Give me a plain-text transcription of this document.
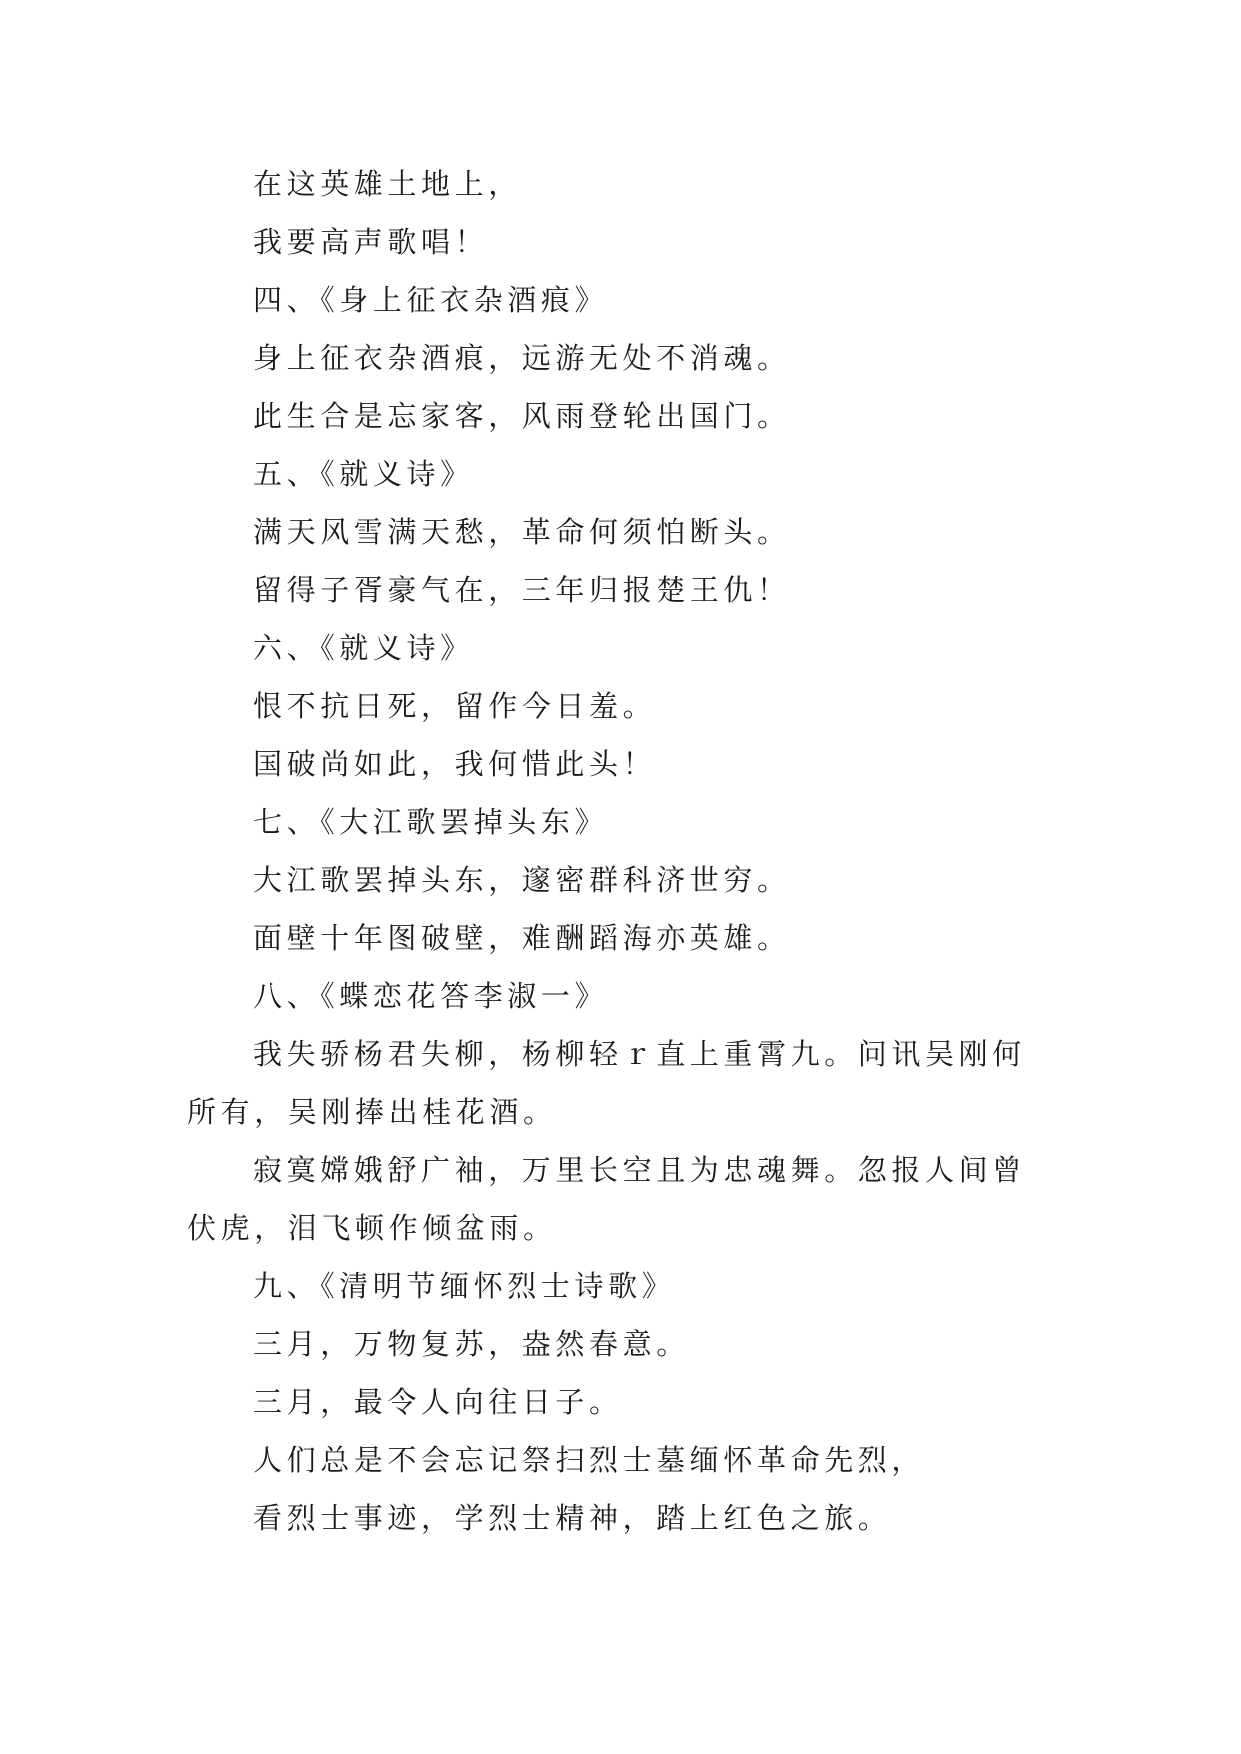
在这英雄土地上，

我要高声歌唱！

四、《身上征衣杂酒痕》

身上征衣杂酒痕，远游无处不消魂。

此生合是忘家客，风雨登轮出国门。

五、《就义诗》

满天风雪满天愁，革命何须怕断头。

留得子胥豪气在，三年归报楚王仇！

六、《就义诗》

恨不抗日死，留作今日羞。

国破尚如此，我何惜此头！

七、《大江歌罢掉头东》

大江歌罢掉头东，邃密群科济世穷。

面壁十年图破壁，难酬蹈海亦英雄。

八、《蝶恋花答李淑一》

我失骄杨君失柳，杨柳轻ｒ直上重霄九。问讯吴刚何所有，吴刚捧出桂花酒。

寂寞嫦娥舒广袖，万里长空且为忠魂舞。忽报人间曾伏虎，泪飞顿作倾盆雨。

九、《清明节缅怀烈士诗歌》

三月，万物复苏，盎然春意。

三月，最令人向往日子。

人们总是不会忘记祭扫烈士墓缅怀革命先烈，

看烈士事迹，学烈士精神，踏上红色之旅。
